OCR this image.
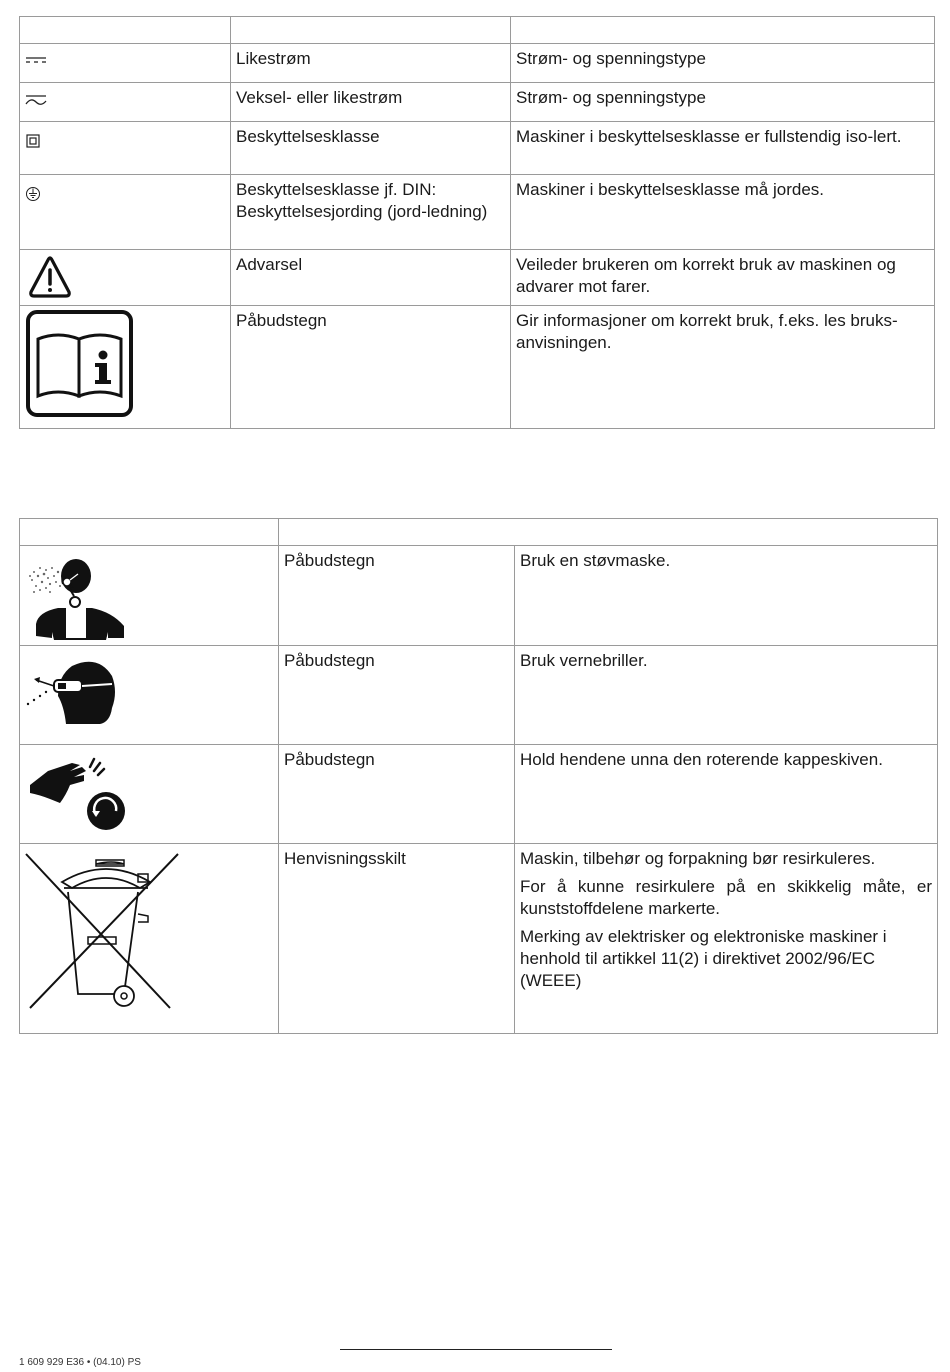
Likestrøm	Strøm- og spenningstype

Veksel- eller likestrøm	Strøm- og spenningstype

Beskyttelsesklasse	Maskiner i beskyttelsesklasse er fullstendig iso-lert.

Beskyttelsesklasse jf. DIN: Beskyttelsesjording (jord-ledning)	Maskiner i beskyttelsesklasse må jordes.

Advarsel	Veileder brukeren om korrekt bruk av maskinen og advarer mot farer.

Påbudstegn	Gir informasjoner om korrekt bruk, f.eks. les bruks-anvisningen.

Påbudstegn	Bruk en støvmaske.

Påbudstegn	Bruk vernebriller.

Påbudstegn	Hold hendene unna den roterende kappeskiven.

Henvisningsskilt	Maskin, tilbehør og forpakning bør resirkuleres.
For å kunne resirkulere på en skikkelig måte, er kunststoffdelene markerte.
Merking av elektrisker og elektroniske maskiner i henhold til artikkel 11(2) i direktivet 2002/96/EC (WEEE)
1 609 929 E36 • (04.10) PS
